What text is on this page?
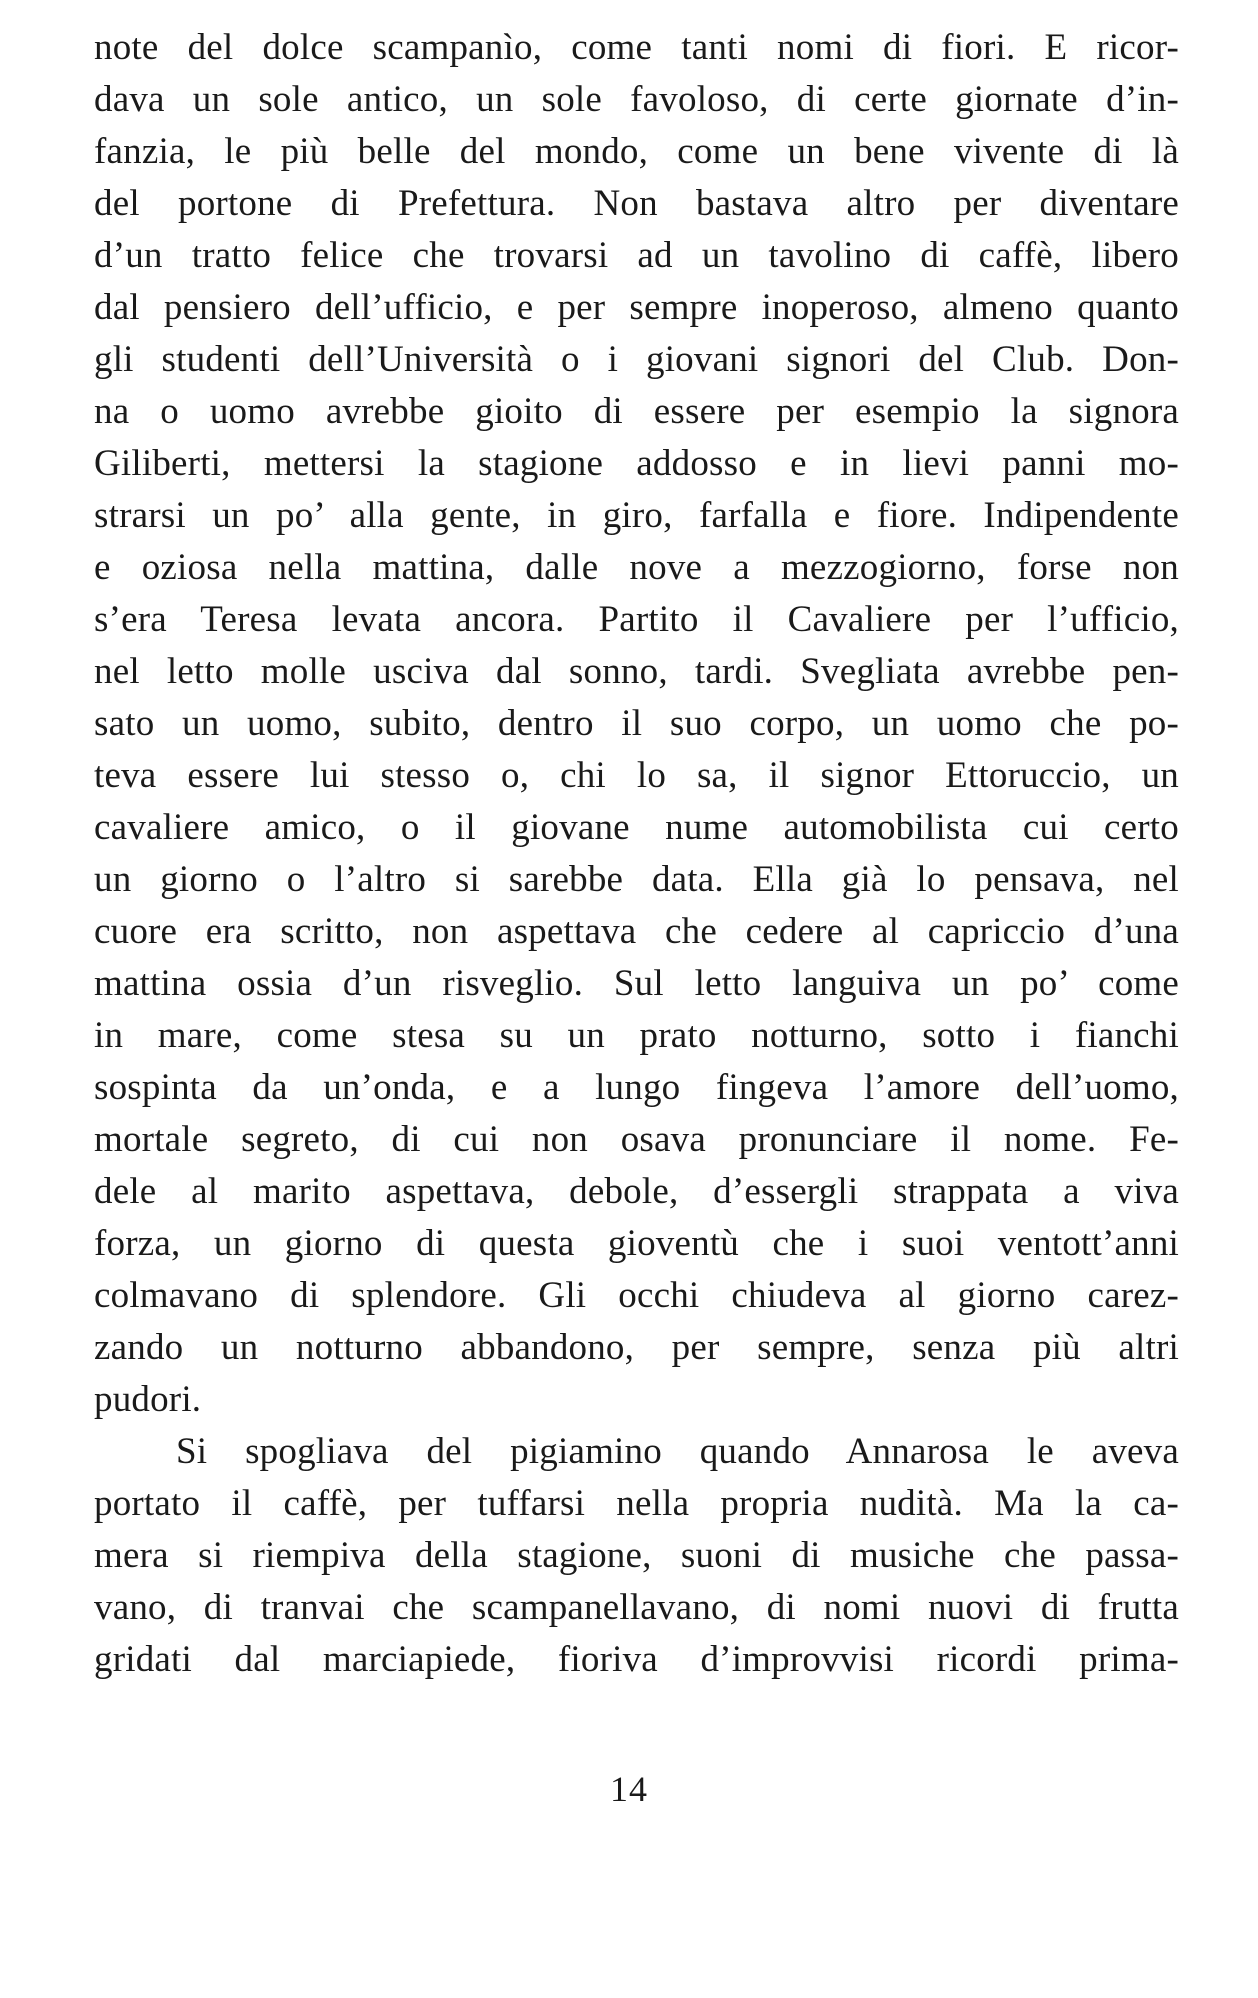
note del dolce scampanìo, come tanti nomi di fiori. E ricor-
dava un sole antico, un sole favoloso, di certe giornate d’in-
fanzia, le più belle del mondo, come un bene vivente di là
del portone di Prefettura. Non bastava altro per diventare
d’un tratto felice che trovarsi ad un tavolino di caffè, libero
dal pensiero dell’ufficio, e per sempre inoperoso, almeno quanto
gli studenti dell’Università o i giovani signori del Club. Don-
na o uomo avrebbe gioito di essere per esempio la signora
Giliberti, mettersi la stagione addosso e in lievi panni mo-
strarsi un po’ alla gente, in giro, farfalla e fiore. Indipendente
e oziosa nella mattina, dalle nove a mezzogiorno, forse non
s’era Teresa levata ancora. Partito il Cavaliere per l’ufficio,
nel letto molle usciva dal sonno, tardi. Svegliata avrebbe pen-
sato un uomo, subito, dentro il suo corpo, un uomo che po-
teva essere lui stesso o, chi lo sa, il signor Ettoruccio, un
cavaliere amico, o il giovane nume automobilista cui certo
un giorno o l’altro si sarebbe data. Ella già lo pensava, nel
cuore era scritto, non aspettava che cedere al capriccio d’una
mattina ossia d’un risveglio. Sul letto languiva un po’ come
in mare, come stesa su un prato notturno, sotto i fianchi
sospinta da un’onda, e a lungo fingeva l’amore dell’uomo,
mortale segreto, di cui non osava pronunciare il nome. Fe-
dele al marito aspettava, debole, d’essergli strappata a viva
forza, un giorno di questa gioventù che i suoi ventott’anni
colmavano di splendore. Gli occhi chiudeva al giorno carez-
zando un notturno abbandono, per sempre, senza più altri
pudori.
Si spogliava del pigiamino quando Annarosa le aveva
portato il caffè, per tuffarsi nella propria nudità. Ma la ca-
mera si riempiva della stagione, suoni di musiche che passa-
vano, di tranvai che scampanellavano, di nomi nuovi di frutta
gridati dal marciapiede, fioriva d’improvvisi ricordi prima-
14
